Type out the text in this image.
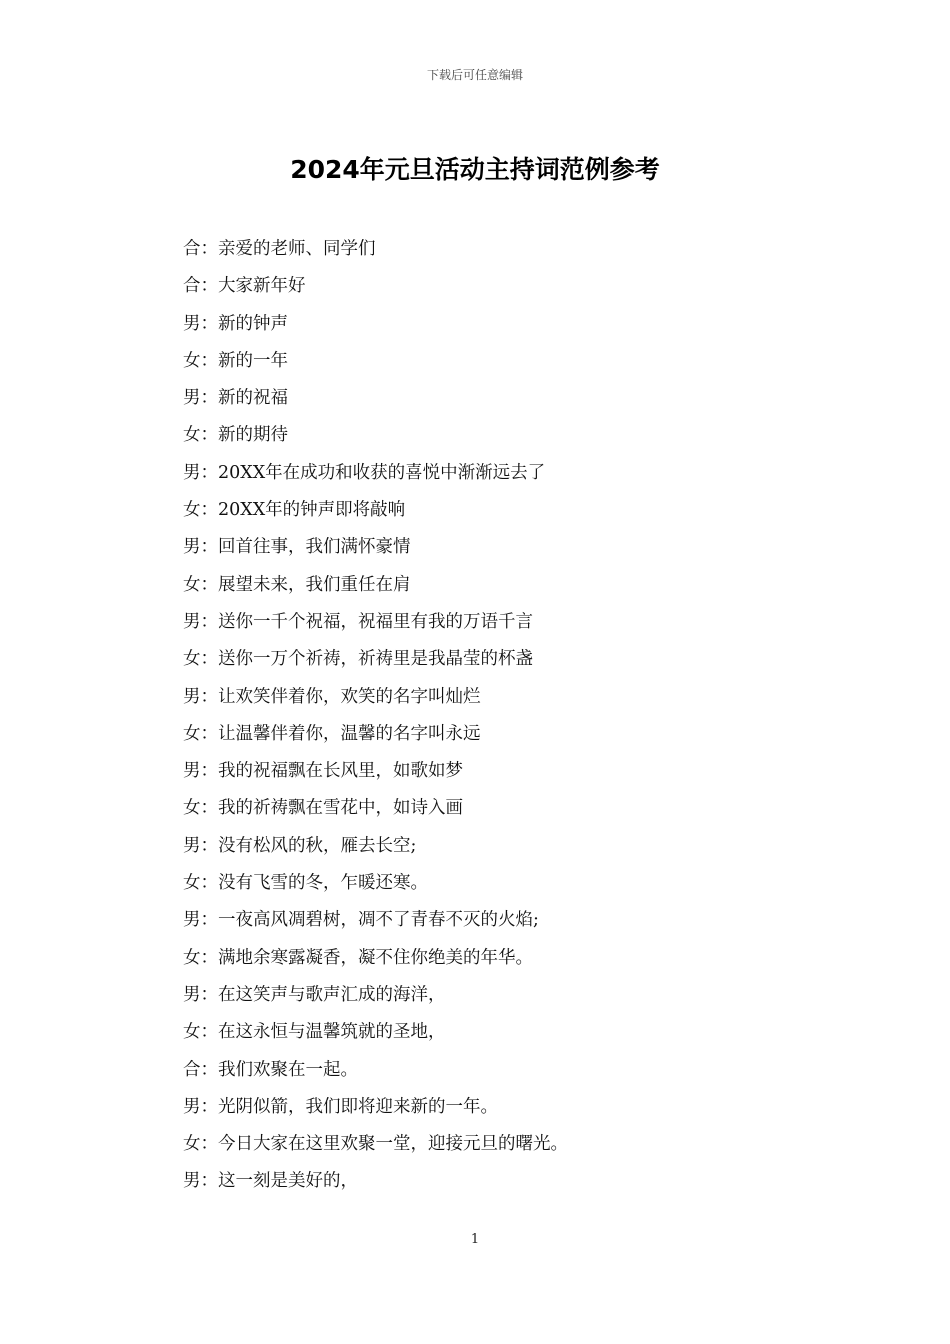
下载后可任意编辑
2024年元旦活动主持词范例参考
合：亲爱的老师、同学们
合：大家新年好
男：新的钟声
女：新的一年
男：新的祝福
女：新的期待
男：20XX年在成功和收获的喜悦中渐渐远去了
女：20XX年的钟声即将敲响
男：回首往事，我们满怀豪情
女：展望未来，我们重任在肩
男：送你一千个祝福，祝福里有我的万语千言
女：送你一万个祈祷，祈祷里是我晶莹的杯盏
男：让欢笑伴着你，欢笑的名字叫灿烂
女：让温馨伴着你，温馨的名字叫永远
男：我的祝福飘在长风里，如歌如梦
女：我的祈祷飘在雪花中，如诗入画
男：没有松风的秋，雁去长空;
女：没有飞雪的冬，乍暖还寒。
男：一夜高风凋碧树，凋不了青春不灭的火焰;
女：满地余寒露凝香，凝不住你绝美的年华。
男：在这笑声与歌声汇成的海洋，
女：在这永恒与温馨筑就的圣地，
合：我们欢聚在一起。
男：光阴似箭，我们即将迎来新的一年。
女：今日大家在这里欢聚一堂，迎接元旦的曙光。
男：这一刻是美好的，
1
